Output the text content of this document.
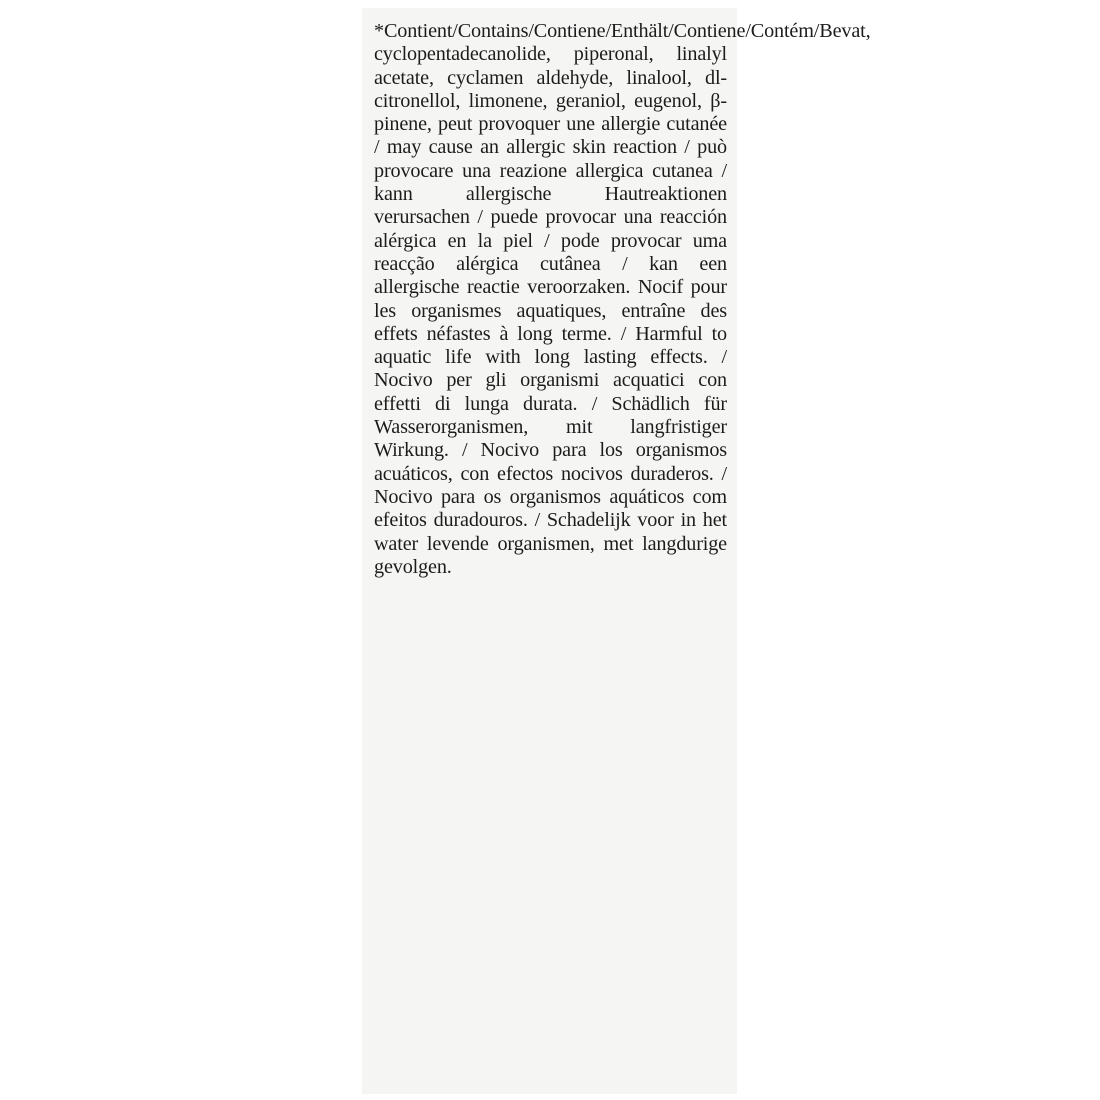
*Contient/Contains/Contiene/Enthält/Contiene/Contém/Bevat, cyclopentadecanolide, piperonal, linalyl acetate, cyclamen aldehyde, linalool, dl-citronellol, limonene, geraniol, eugenol, β-pinene, peut provoquer une allergie cutanée / may cause an allergic skin reaction / può provocare una reazione allergica cutanea / kann allergische Hautreaktionen verursachen / puede provocar una reacción alérgica en la piel / pode provocar uma reacção alérgica cutânea / kan een allergische reactie veroorzaken. Nocif pour les organismes aquatiques, entraîne des effets néfastes à long terme. / Harmful to aquatic life with long lasting effects. / Nocivo per gli organismi acquatici con effetti di lunga durata. / Schädlich für Wasserorganismen, mit langfristiger Wirkung. / Nocivo para los organismos acuáticos, con efectos nocivos duraderos. / Nocivo para os organismos aquáticos com efeitos duradouros. / Schadelijk voor in het water levende organismen, met langdurige gevolgen.
